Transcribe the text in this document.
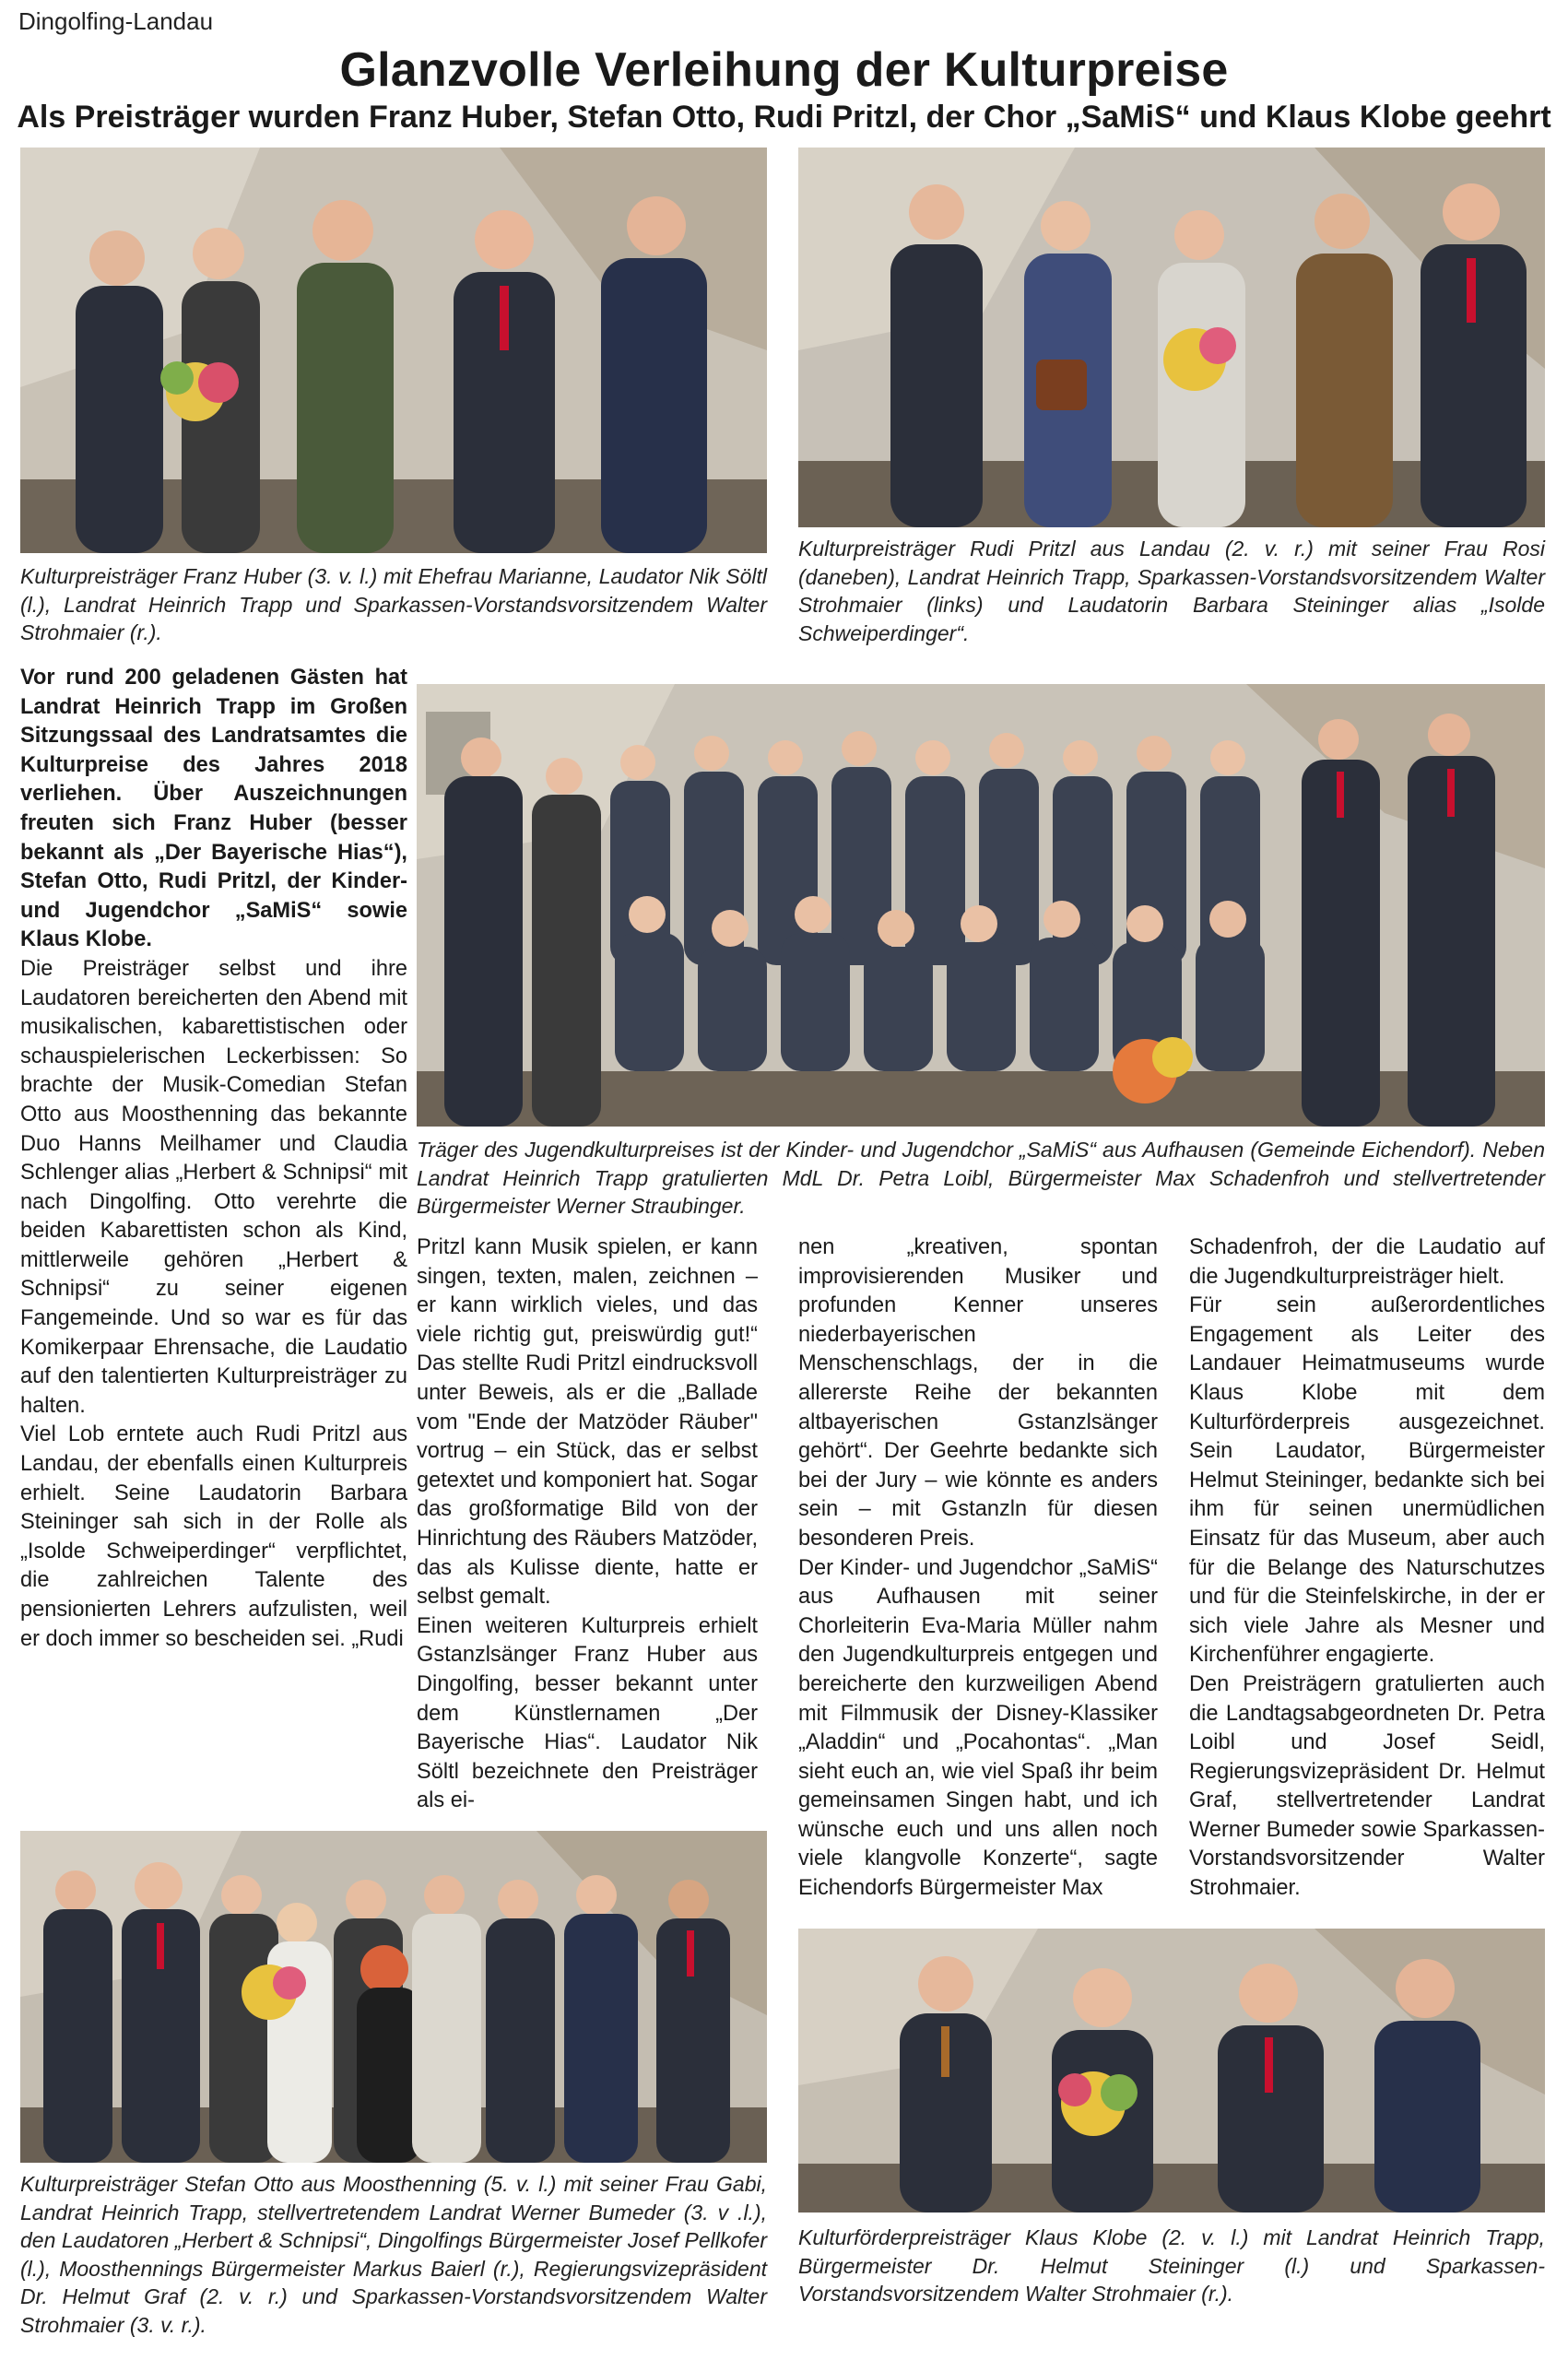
Dingolfing-Landau
Glanzvolle Verleihung der Kulturpreise
Als Preisträger wurden Franz Huber, Stefan Otto, Rudi Pritzl, der Chor „SaMiS“ und Klaus Klobe geehrt
Kulturpreisträger Franz Huber (3. v. l.) mit Ehefrau Marianne, Laudator Nik Söltl (l.), Landrat Heinrich Trapp und Sparkassen-Vorstandsvorsitzendem Walter Strohmaier (r.).
Kulturpreisträger Rudi Pritzl aus Landau (2. v. r.) mit seiner Frau Rosi (daneben), Landrat Heinrich Trapp, Sparkassen-Vorstandsvorsitzendem Walter Strohmaier (links) und Laudatorin Barbara Steininger alias „Isolde Schweiperdinger“.

Vor rund 200 geladenen Gästen hat Landrat Heinrich Trapp im Großen Sitzungssaal des Landratsamtes die Kulturpreise des Jahres 2018 verliehen. Über Auszeichnungen freuten sich Franz Huber (besser bekannt als „Der Bayerische Hias“), Stefan Otto, Rudi Pritzl, der Kinder- und Jugendchor „SaMiS“ sowie Klaus Klobe.

Die Preisträger selbst und ihre Laudatoren bereicherten den Abend mit musikalischen, kabarettistischen oder schauspielerischen Leckerbissen: So brachte der Musik-Comedian Stefan Otto aus Moosthenning das bekannte Duo Hanns Meilhamer und Claudia Schlenger alias „Herbert & Schnipsi“ mit nach Dingolfing. Otto verehrte die beiden Kabarettisten schon als Kind, mittlerweile gehören „Herbert & Schnipsi“ zu seiner eigenen Fangemeinde. Und so war es für das Komikerpaar Ehrensache, die Laudatio auf den talentierten Kulturpreisträger zu halten.

Viel Lob erntete auch Rudi Pritzl aus Landau, der ebenfalls einen Kulturpreis erhielt. Seine Laudatorin Barbara Steininger sah sich in der Rolle als „Isolde Schweiperdinger“ verpflichtet, die zahlreichen Talente des pensionierten Lehrers aufzulisten, weil er doch immer so bescheiden sei. „Rudi

Träger des Jugendkulturpreises ist der Kinder- und Jugendchor „SaMiS“ aus Aufhausen (Gemeinde Eichendorf). Neben Landrat Heinrich Trapp gratulierten MdL Dr. Petra Loibl, Bürgermeister Max Schadenfroh und stellvertretender Bürgermeister Werner Straubinger.

Pritzl kann Musik spielen, er kann singen, texten, malen, zeichnen – er kann wirklich vieles, und das viele richtig gut, preiswürdig gut!“ Das stellte Rudi Pritzl eindrucksvoll unter Beweis, als er die „Ballade vom "Ende der Matzöder Räuber" vortrug – ein Stück, das er selbst getextet und komponiert hat. Sogar das großformatige Bild von der Hinrichtung des Räubers Matzöder, das als Kulisse diente, hatte er selbst gemalt.

Einen weiteren Kulturpreis erhielt Gstanzlsänger Franz Huber aus Dingolfing, besser bekannt unter dem Künstlernamen „Der Bayerische Hias“. Laudator Nik Söltl bezeichnete den Preisträger als ei-

nen „kreativen, spontan improvisierenden Musiker und profunden Kenner unseres niederbayerischen Menschenschlags, der in die allererste Reihe der bekannten altbayerischen Gstanzlsänger gehört“. Der Geehrte bedankte sich bei der Jury – wie könnte es anders sein – mit Gstanzln für diesen besonderen Preis.

Der Kinder- und Jugendchor „SaMiS“ aus Aufhausen mit seiner Chorleiterin Eva-Maria Müller nahm den Jugendkulturpreis entgegen und bereicherte den kurzweiligen Abend mit Filmmusik der Disney-Klassiker „Aladdin“ und „Pocahontas“. „Man sieht euch an, wie viel Spaß ihr beim gemeinsamen Singen habt, und ich wünsche euch und uns allen noch viele klangvolle Konzerte“, sagte Eichendorfs Bürgermeister Max

Schadenfroh, der die Laudatio auf die Jugendkulturpreisträger hielt.

Für sein außerordentliches Engagement als Leiter des Landauer Heimatmuseums wurde Klaus Klobe mit dem Kulturförderpreis ausgezeichnet. Sein Laudator, Bürgermeister Helmut Steininger, bedankte sich bei ihm für seinen unermüdlichen Einsatz für das Museum, aber auch für die Belange des Naturschutzes und für die Steinfelskirche, in der er sich viele Jahre als Mesner und Kirchenführer engagierte.

Den Preisträgern gratulierten auch die Landtagsabgeordneten Dr. Petra Loibl und Josef Seidl, Regierungsvizepräsident Dr. Helmut Graf, stellvertretender Landrat Werner Bumeder sowie Sparkassen-Vorstandsvorsitzender Walter Strohmaier.

Kulturpreisträger Stefan Otto aus Moosthenning (5. v. l.) mit seiner Frau Gabi, Landrat Heinrich Trapp, stellvertretendem Landrat Werner Bumeder (3. v .l.), den Laudatoren „Herbert & Schnipsi“, Dingolfings Bürgermeister Josef Pellkofer (l.), Moosthennings Bürgermeister Markus Baierl (r.), Regierungsvizepräsident Dr. Helmut Graf (2. v. r.) und Sparkassen-Vorstandsvorsitzendem Walter Strohmaier (3. v. r.).
Kulturförderpreisträger Klaus Klobe (2. v. l.) mit Landrat Heinrich Trapp, Bürgermeister Dr. Helmut Steininger (l.) und Sparkassen-Vorstandsvorsitzendem Walter Strohmaier (r.).
